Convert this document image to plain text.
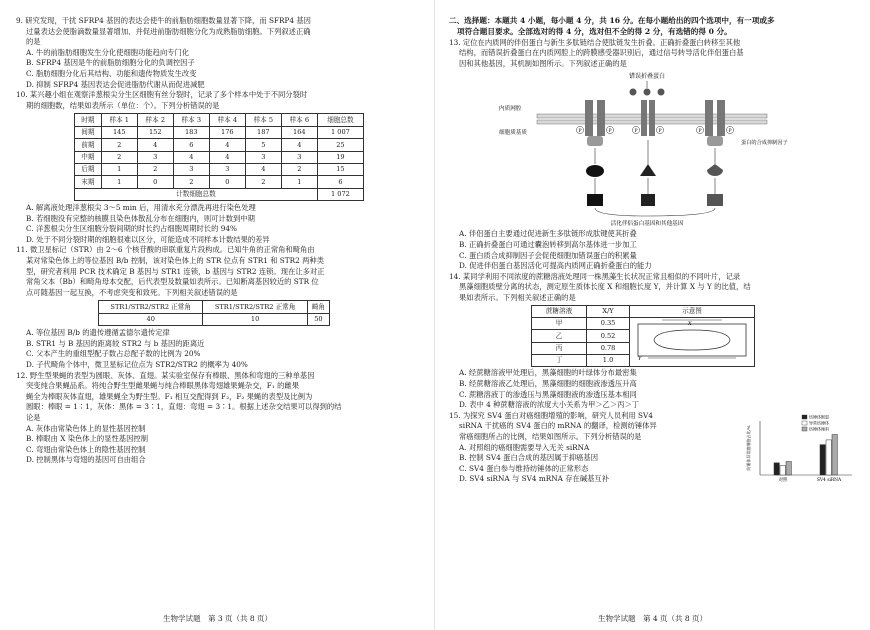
9. 研究发现，干扰 SFRP4 基因的表达会使牛的前脂肪细胞数量显著下降，而 SFRP4 基因

过量表达会使脂滴数量显著增加、并促进前脂肪细胞分化为成熟脂肪细胞。下列叙述正确

的是

A. 牛的前脂肪细胞发生分化使细胞功能趋向专门化

B. SFRP4 基因是牛的前脂肪细胞分化的负调控因子

C. 脂肪细胞分化后其结构、功能和遗传物质发生改变

D. 抑制 SFRP4 基因表达会促进脂肪代谢从而促进减肥

10. 某兴趣小组在观察洋葱根尖分生区细胞有丝分裂时，记录了多个样本中处于不同分裂时

期的细胞数，结果如表所示（单位：个）。下列分析错误的是

时期	样本 1	样本 2	样本 3	样本 4	样本 5	样本 6	细胞总数
间期	145	152	183	176	187	164	1 007
前期	2	4	6	4	5	4	25
中期	2	3	4	4	3	3	19
后期	1	2	3	3	4	2	15
末期	1	0	2	0	2	1	6
计数细胞总数							1 072

A. 解离液处理洋葱根尖 3～5 min 后，用清水充分漂洗再进行染色处理

B. 若细胞没有完整的核膜且染色体散乱分布在细胞内，则可计数到中期

C. 洋葱根尖分生区细胞分裂间期的时长约占细胞周期时长的 94%

D. 处于不同分裂时期的细胞很难以区分，可能造成不同样本计数结果的差异

11. 微卫星标记（STR）由 2～6 个核苷酸的串联重复片段构成。已知牛角的正常角和畸角由

某对常染色体上的等位基因 B/b 控制，该对染色体上的 STR 位点有 STR1 和 STR2 两种类

型，研究者利用 PCR 技术确定 B 基因与 STR1 连锁，b 基因与 STR2 连锁。现在让多对正

常角父本（Bb）和畸角母本交配，后代表型及数量如表所示。已知断离基因较近的 STR 位

点可随基因一起互换，不考虑突变和致死。下列相关叙述错误的是

STR1/STR2/STR2 正常角	STR1/STR2/STR2 正常角	畸角
40	10	50

A. 等位基因 B/b 的遗传遵循孟德尔遗传定律

B. STR1 与 B 基因的距离较 STR2 与 b 基因的距离近

C. 父本产生的重组型配子数占总配子数的比例为 20%

D. 子代畸角个体中，微卫星标记位点为 STR2/STR2 的概率为 40%

12. 野生型果蝇的表型为圆眼、灰体、直翅。某实验室保存有棒眼、黑体和弯翅的三种单基因

突变纯合果蝇品系。将纯合野生型雌果蝇与纯合棒眼黑体弯翅雄果蝇杂交，F₁ 的雌果

蝇全为棒眼灰体直翅，雄果蝇全为野生型。F₁ 相互交配得到 F₂，F₂ 果蝇的表型及比例为

圆眼：棒眼 = 1∶1，灰体：黑体 = 3∶1，直翅：弯翅 = 3∶1。根据上述杂交结果可以得到的结

论是

A. 灰体由常染色体上的显性基因控制

B. 棒眼由 X 染色体上的显性基因控制

C. 弯翅由常染色体上的隐性基因控制

D. 控制黑体与弯翅的基因可自由组合

生物学试题　第 3 页（共 8 页）

二、选择题：本题共 4 小题，每小题 4 分，共 16 分。在每小题给出的四个选项中，有一项或多

项符合题目要求。全部选对的得 4 分，选对但不全的得 2 分，有选错的得 0 分。

13. 定位在内质网的伴侣蛋白与新生多肽链结合使肽链发生折叠。正确折叠蛋白转移至其他

结构，而错误折叠蛋白在内质网腔上的跨膜感受器识别后，通过信号转导活化伴侣蛋白基

因和其他基因，其机制如图所示。下列叙述正确的是

错误折叠蛋白
内质网腔
细胞质基质	P	P	P	P	P	P
蛋白的合成抑制因子
活化伴侣蛋白基因和其他基因

A. 伴侣蛋白主要通过促进新生多肽链形成肽键使其折叠

B. 正确折叠蛋白可通过囊泡转移到高尔基体进一步加工

C. 蛋白质合成抑制因子会促使细胞加错误蛋白的积累量

D. 促进伴侣蛋白基因活化可提高内质网正确折叠蛋白的能力

14. 某同学利用不同浓度的蔗糖溶液处理同一株黑藻生长状况正常且相似的不同叶片，记录

黑藻细胞质壁分离的状态，测定原生质体长度 X 和细胞长度 Y，并计算 X 与 Y 的比值，结

果如表所示。下列相关叙述正确的是

蔗糖溶液	X/Y	示意图
甲	0.35	Y
X

乙	0.52	
丙	0.78	
丁	1.0	

A. 经蔗糖溶液甲处理后，黑藻细胞的叶绿体分布最密集

B. 经蔗糖溶液乙处理后，黑藻细胞的细胞液渗透压升高

C. 蔗糖溶液丁的渗透压与黑藻细胞液的渗透压基本相同

D. 表中 4 种蔗糖溶液的浓度大小关系为甲＞乙＞丙＞丁

15. 为探究 SV4 蛋白对癌细胞增殖的影响，研究人员利用 SV4

siRNA 干扰癌的 SV4 蛋白的 mRNA 的翻译，检测纺锤体异

常癌细胞所占的比例，结果如图所示。下列分析错误的是

A. 对照组的癌细胞需要导入无关 siRNA

B. 控制 SV4 蛋白合成的基因属于抑癌基因

C. SV4 蛋白参与维持纺锤体的正常形态

D. SV4 siRNA 与 SV4 mRNA 存在碱基互补

纺锤体异常癌细胞占比/%
对照	SV4 siRNA
纺锤体断裂
异常纺锤体
纺锤体倾斜
生物学试题　第 4 页（共 8 页）
